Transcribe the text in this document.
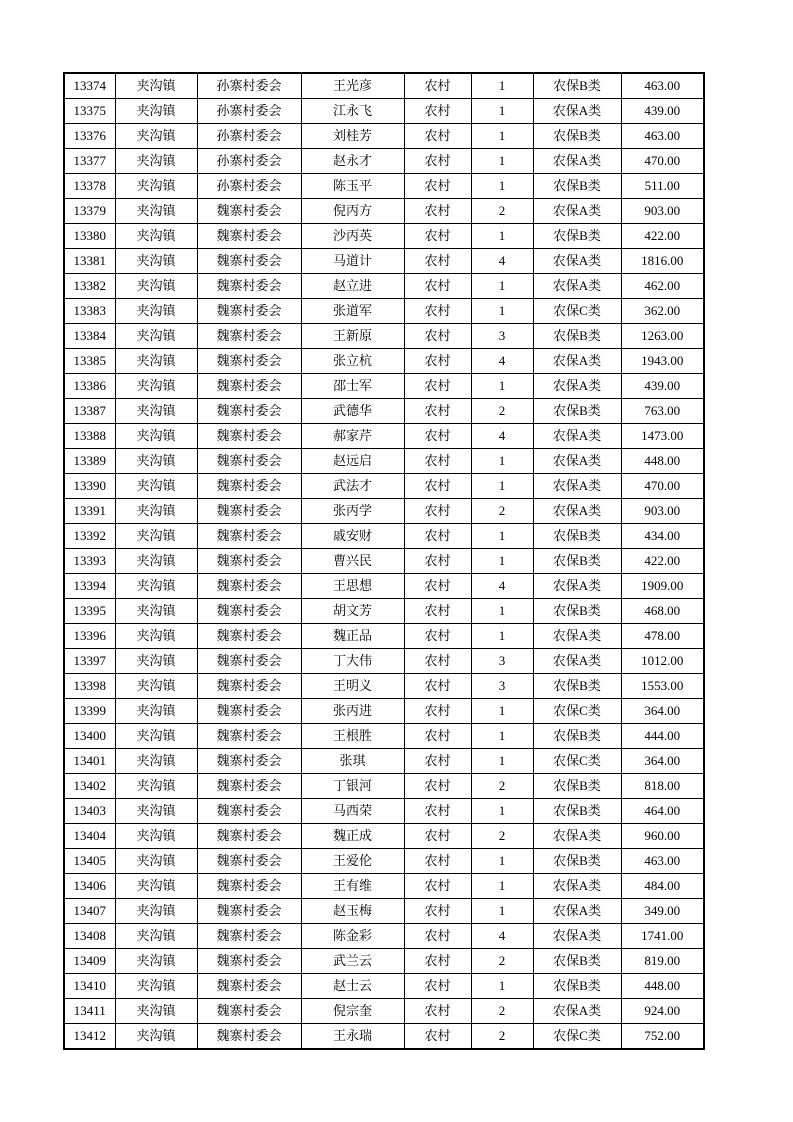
13374	夹沟镇	孙寨村委会	王光彦	农村	1	农保B类	463.00
13375	夹沟镇	孙寨村委会	江永飞	农村	1	农保A类	439.00
13376	夹沟镇	孙寨村委会	刘桂芳	农村	1	农保B类	463.00
13377	夹沟镇	孙寨村委会	赵永才	农村	1	农保A类	470.00
13378	夹沟镇	孙寨村委会	陈玉平	农村	1	农保B类	511.00
13379	夹沟镇	魏寨村委会	倪丙方	农村	2	农保A类	903.00
13380	夹沟镇	魏寨村委会	沙丙英	农村	1	农保B类	422.00
13381	夹沟镇	魏寨村委会	马道计	农村	4	农保A类	1816.00
13382	夹沟镇	魏寨村委会	赵立进	农村	1	农保A类	462.00
13383	夹沟镇	魏寨村委会	张道军	农村	1	农保C类	362.00
13384	夹沟镇	魏寨村委会	王新原	农村	3	农保B类	1263.00
13385	夹沟镇	魏寨村委会	张立杭	农村	4	农保A类	1943.00
13386	夹沟镇	魏寨村委会	邵士军	农村	1	农保A类	439.00
13387	夹沟镇	魏寨村委会	武德华	农村	2	农保B类	763.00
13388	夹沟镇	魏寨村委会	郝家芹	农村	4	农保A类	1473.00
13389	夹沟镇	魏寨村委会	赵远启	农村	1	农保A类	448.00
13390	夹沟镇	魏寨村委会	武法才	农村	1	农保A类	470.00
13391	夹沟镇	魏寨村委会	张丙学	农村	2	农保A类	903.00
13392	夹沟镇	魏寨村委会	戚安财	农村	1	农保B类	434.00
13393	夹沟镇	魏寨村委会	曹兴民	农村	1	农保B类	422.00
13394	夹沟镇	魏寨村委会	王思想	农村	4	农保A类	1909.00
13395	夹沟镇	魏寨村委会	胡文芳	农村	1	农保B类	468.00
13396	夹沟镇	魏寨村委会	魏正品	农村	1	农保A类	478.00
13397	夹沟镇	魏寨村委会	丁大伟	农村	3	农保A类	1012.00
13398	夹沟镇	魏寨村委会	王明义	农村	3	农保B类	1553.00
13399	夹沟镇	魏寨村委会	张丙进	农村	1	农保C类	364.00
13400	夹沟镇	魏寨村委会	王根胜	农村	1	农保B类	444.00
13401	夹沟镇	魏寨村委会	张琪	农村	1	农保C类	364.00
13402	夹沟镇	魏寨村委会	丁银河	农村	2	农保B类	818.00
13403	夹沟镇	魏寨村委会	马西荣	农村	1	农保B类	464.00
13404	夹沟镇	魏寨村委会	魏正成	农村	2	农保A类	960.00
13405	夹沟镇	魏寨村委会	王爱伦	农村	1	农保B类	463.00
13406	夹沟镇	魏寨村委会	王有维	农村	1	农保A类	484.00
13407	夹沟镇	魏寨村委会	赵玉梅	农村	1	农保A类	349.00
13408	夹沟镇	魏寨村委会	陈金彩	农村	4	农保A类	1741.00
13409	夹沟镇	魏寨村委会	武兰云	农村	2	农保B类	819.00
13410	夹沟镇	魏寨村委会	赵士云	农村	1	农保B类	448.00
13411	夹沟镇	魏寨村委会	倪宗奎	农村	2	农保A类	924.00
13412	夹沟镇	魏寨村委会	王永瑞	农村	2	农保C类	752.00
